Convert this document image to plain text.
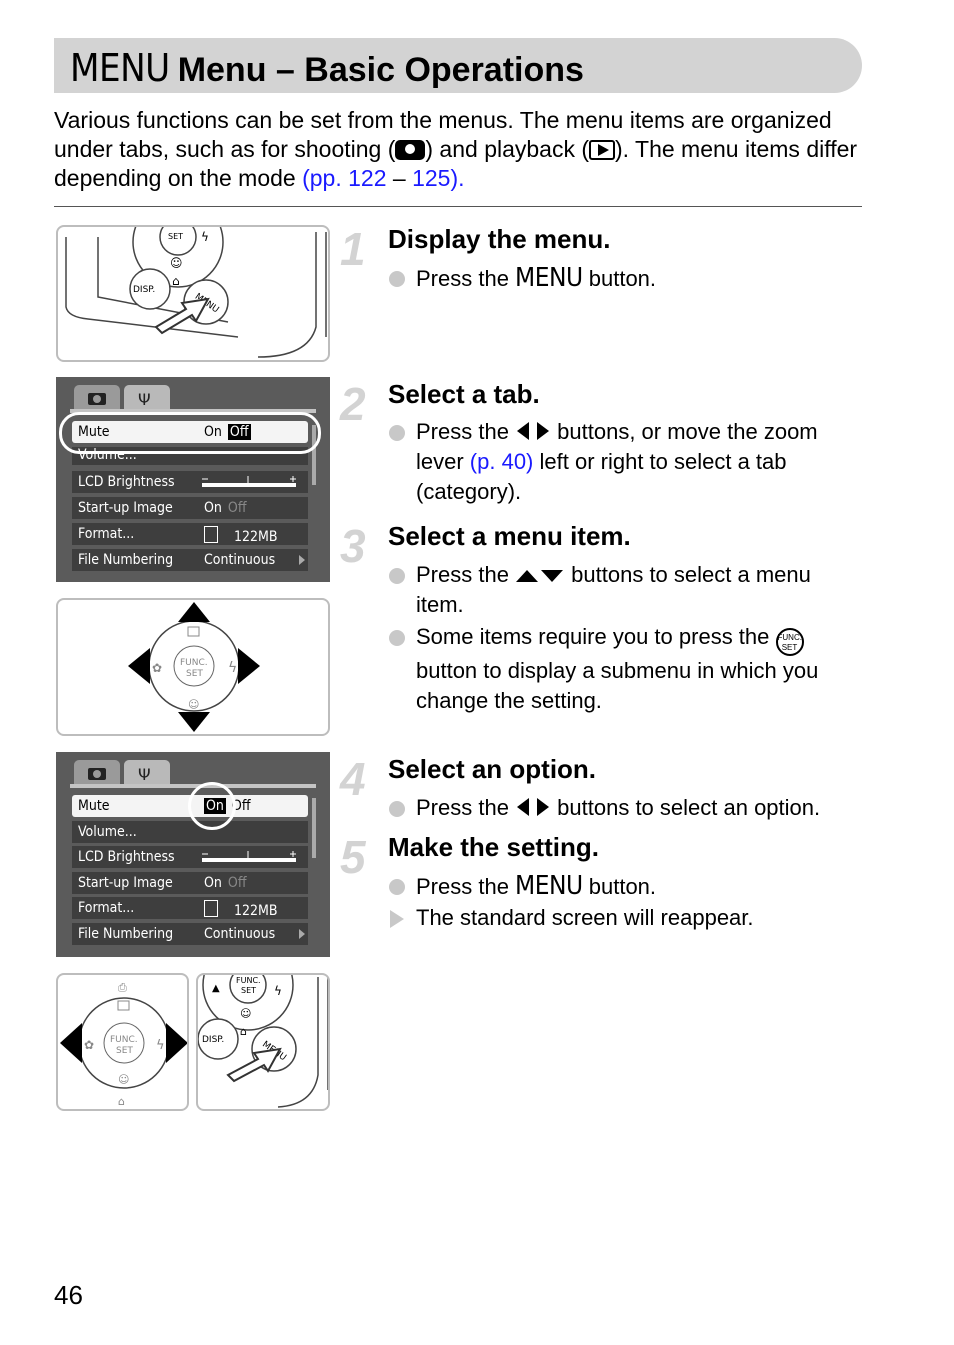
MENU Menu – Basic Operations
Various functions can be set from the menus. The menu items are organized under tabs, such as for shooting ( ) and playback ( ). The menu items differ depending on the mode (pp. 122 – 125).
SET ϟ
☺
DISP.
⌂
Ψ
Mute	On Off
Volume...
LCD Brightness
Start-up Image On Off
Format...	122MB
File Numbering Continuous
FUNC.
SET ϟ
✿
☺
Ψ
Mute	On Off
Volume...
LCD Brightness
Start-up Image On Off
Format...	122MB
File Numbering Continuous
FUNC.
SET ϟ
✿
☺
⎙
⌂
FUNC.
SET ϟ
▲
☺
DISP.
⌂
1 Display the menu.
Press the MENU button.
2 Select a tab.
Press the  buttons, or move the zoom lever (p. 40) left or right to select a tab (category).
3 Select a menu item.
Press the  buttons to select a menu item.
Some items require you to press the FUNC.
SET button to display a submenu in which you change the setting.
4 Select an option.
Press the  buttons to select an option.
5 Make the setting.
Press the MENU button.
The standard screen will reappear.
46
